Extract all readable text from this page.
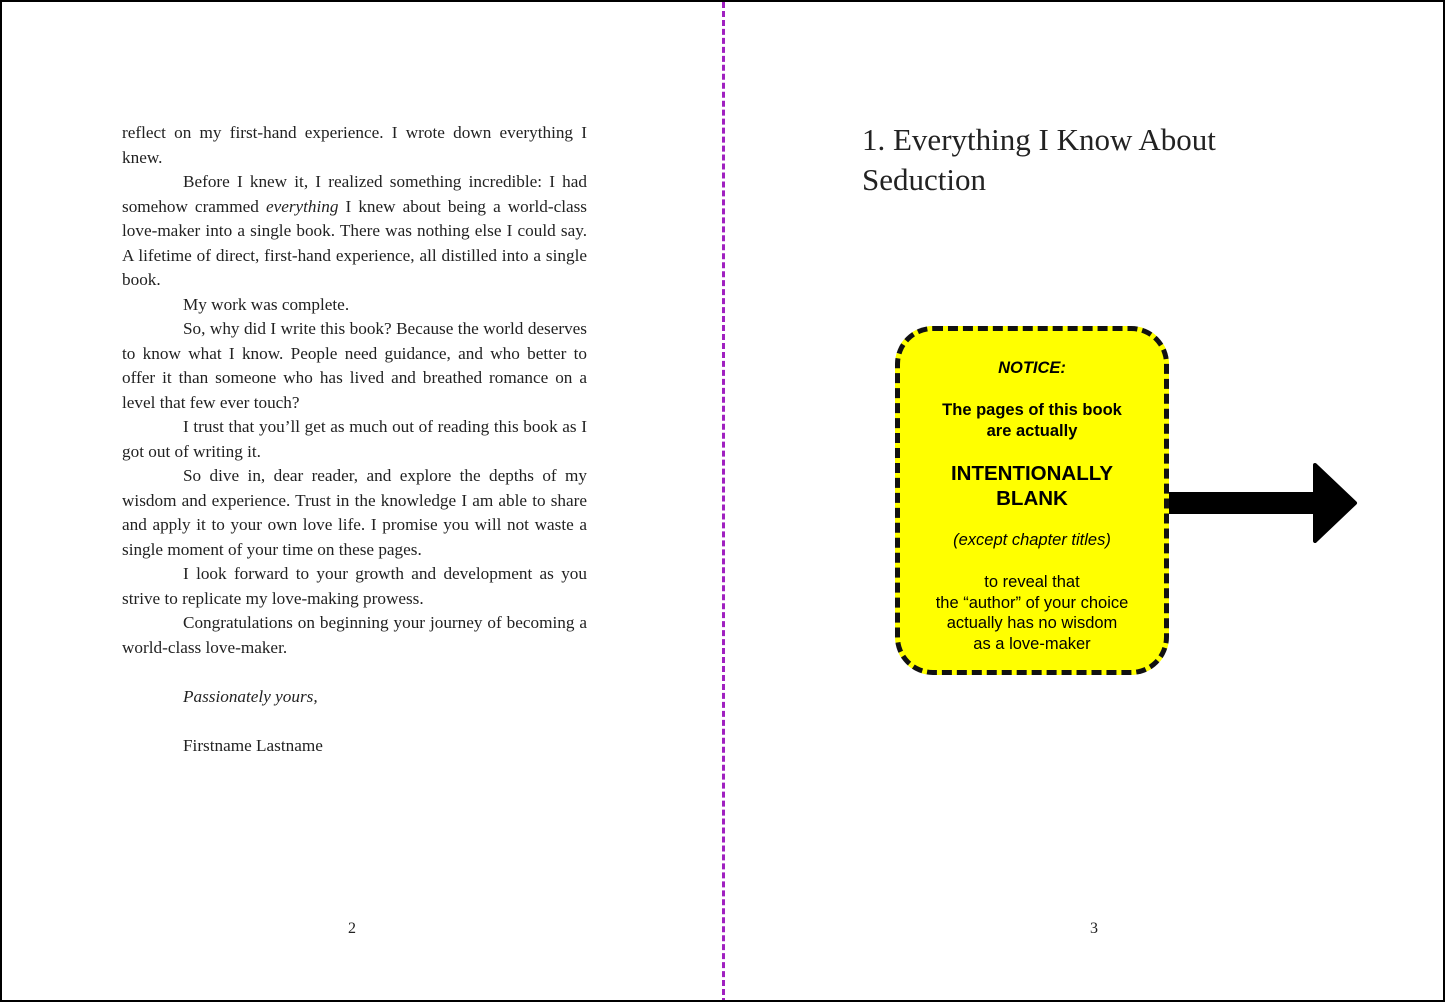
reflect on my first-hand experience. I wrote down everything I knew.

Before I knew it, I realized something incredible: I had somehow crammed everything I knew about being a world-class love-maker into a single book. There was nothing else I could say. A lifetime of direct, first-hand experience, all distilled into a single book.

My work was complete.

So, why did I write this book? Because the world deserves to know what I know. People need guidance, and who better to offer it than someone who has lived and breathed romance on a level that few ever touch?

I trust that you’ll get as much out of reading this book as I got out of writing it.

So dive in, dear reader, and explore the depths of my wisdom and experience. Trust in the knowledge I am able to share and apply it to your own love life. I promise you will not waste a single moment of your time on these pages.

I look forward to your growth and development as you strive to replicate my love-making prowess.

Congratulations on beginning your journey of becoming a world-class love-maker.

Passionately yours,
Firstname Lastname
2
1. Everything I Know About Seduction
NOTICE:
The pages of this book
are actually
INTENTIONALLY
BLANK
(except chapter titles)
to reveal that
the “author” of your choice
actually has no wisdom
as a love-maker
3
